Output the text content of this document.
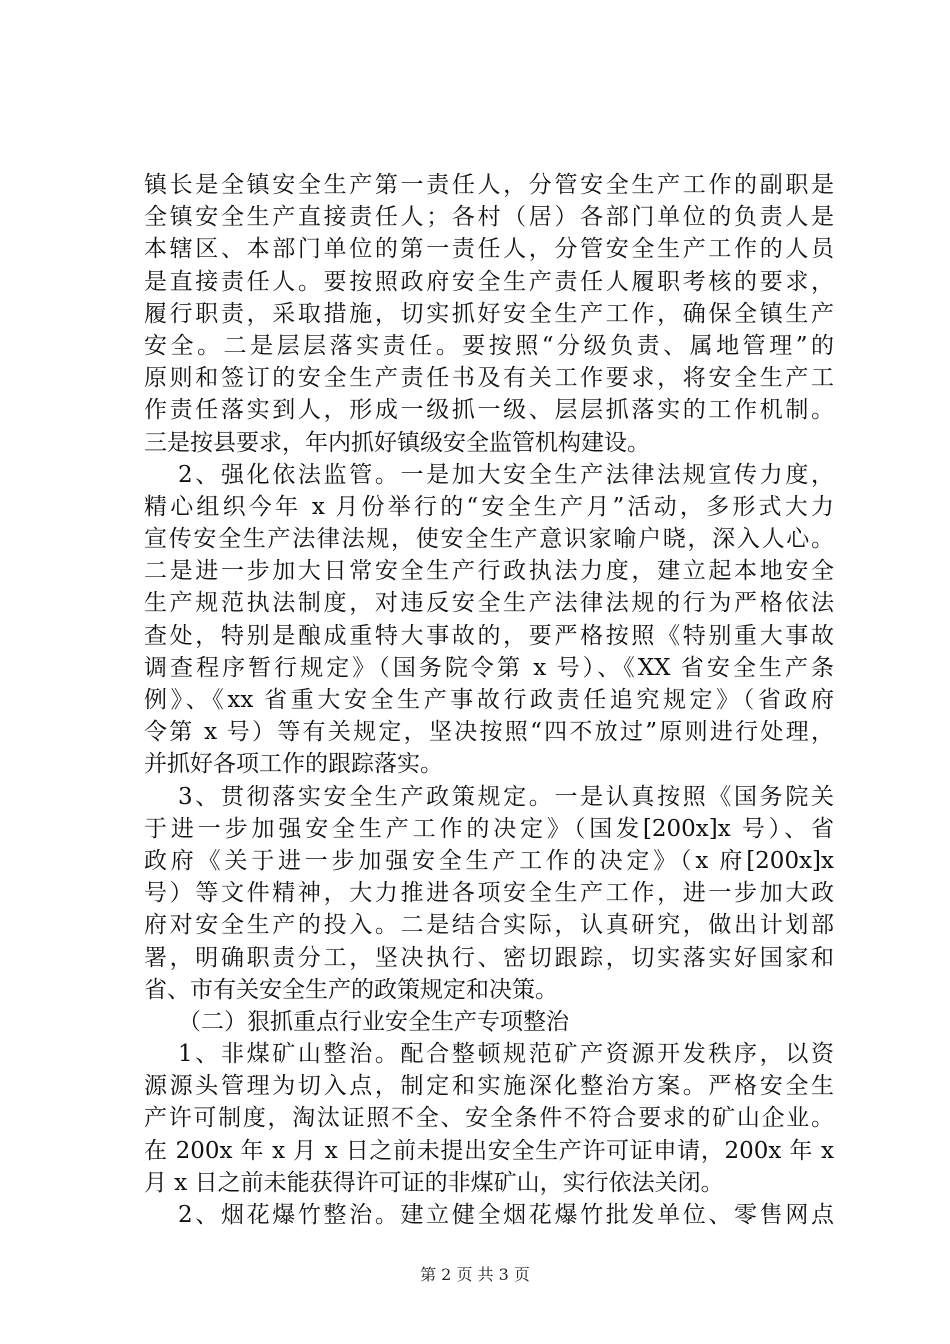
镇长是全镇安全生产第一责任人，分管安全生产工作的副职是
全镇安全生产直接责任人；各村（居）各部门单位的负责人是
本辖区、本部门单位的第一责任人，分管安全生产工作的人员
是直接责任人。要按照政府安全生产责任人履职考核的要求，
履行职责，采取措施，切实抓好安全生产工作，确保全镇生产
安全。二是层层落实责任。要按照“分级负责、属地管理”的
原则和签订的安全生产责任书及有关工作要求，将安全生产工
作责任落实到人，形成一级抓一级、层层抓落实的工作机制。
三是按县要求，年内抓好镇级安全监管机构建设。
2、强化依法监管。一是加大安全生产法律法规宣传力度，
精心组织今年 x 月份举行的“安全生产月”活动，多形式大力
宣传安全生产法律法规，使安全生产意识家喻户晓，深入人心。
二是进一步加大日常安全生产行政执法力度，建立起本地安全
生产规范执法制度，对违反安全生产法律法规的行为严格依法
查处，特别是酿成重特大事故的，要严格按照《特别重大事故
调查程序暂行规定》（国务院令第 x 号）、《XX 省安全生产条
例》、《xx 省重大安全生产事故行政责任追究规定》（省政府
令第 x 号）等有关规定，坚决按照“四不放过”原则进行处理，
并抓好各项工作的跟踪落实。
3、贯彻落实安全生产政策规定。一是认真按照《国务院关
于进一步加强安全生产工作的决定》（国发[200x]x 号）、省
政府《关于进一步加强安全生产工作的决定》（x 府[200x]x
号）等文件精神，大力推进各项安全生产工作，进一步加大政
府对安全生产的投入。二是结合实际，认真研究，做出计划部
署，明确职责分工，坚决执行、密切跟踪，切实落实好国家和
省、市有关安全生产的政策规定和决策。
（二）狠抓重点行业安全生产专项整治
1、非煤矿山整治。配合整顿规范矿产资源开发秩序，以资
源源头管理为切入点，制定和实施深化整治方案。严格安全生
产许可制度，淘汰证照不全、安全条件不符合要求的矿山企业。
在 200x 年 x 月 x 日之前未提出安全生产许可证申请，200x 年 x
月 x 日之前未能获得许可证的非煤矿山，实行依法关闭。
2、烟花爆竹整治。建立健全烟花爆竹批发单位、零售网点
第 2 页 共 3 页
